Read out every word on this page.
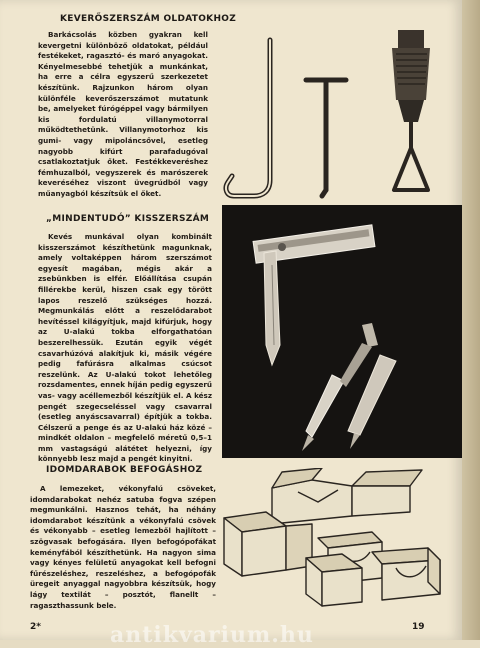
KEVERŐSZERSZÁM OLDATOKHOZ
Barkácsolás közben gyakran kell kevergetni különböző oldatokat, például festékeket, ragasztó- és maró anyagokat. Kényelmesebbé tehetjük a munkánkat, ha erre a célra egyszerű szerkezetet készítünk. Rajzunkon három olyan különféle keverőszerszámot mutatunk be, amelyeket fúrógéppel vagy bármilyen kis fordulatú villanymotorral működtethetünk. Villanymotorhoz kis gumi- vagy mipoláncsővel, esetleg nagyobb kifúrt parafadugóval csatlakoztatjuk őket. Festékkeveréshez fémhuzalból, vegyszerek és marószerek keveréséhez viszont üvegrúdból vagy műanyagból készítsük el őket.
„MINDENTUDÓ” KISSZERSZÁM
Kevés munkával olyan kombinált kisszerszámot készíthetünk magunknak, amely voltaképpen három szerszámot egyesít magában, mégis akár a zsebünkben is elfér. Előállítása csupán fillérekbe kerül, hiszen csak egy törött lapos reszelő szükséges hozzá. Megmunkálás előtt a reszelődarabot hevítéssel kilágyítjuk, majd kifúrjuk, hogy az U-alakú tokba elforgathatóan beszerelhessük. Ezután egyik végét csavarhúzóvá alakítjuk ki, másik végére pedig fafúrásra alkalmas csúcsot reszelünk. Az U-alakú tokot lehetőleg rozsdamentes, ennek híján pedig egyszerű vas- vagy acéllemezből készítjük el. A kész pengét szegecseléssel vagy csavarral (esetleg anyáscsavarral) építjük a tokba. Célszerű a penge és az U-alakú ház közé – mindkét oldalon – megfelelő méretű 0,5–1 mm vastagságú alátétet helyezni, így könnyebb lesz majd a pengét kinyitni.
IDOMDARABOK BEFOGÁSHOZ
A lemezeket, vékonyfalú csöveket, idomdarabokat nehéz satuba fogva szépen megmunkálni. Hasznos tehát, ha néhány idomdarabot készítünk a vékonyfalú csövek és vékonyabb – esetleg lemezből hajlított – szögvasak befogására. Ilyen befogópofákat keményfából készíthetünk. Ha nagyon sima vagy kényes felületű anyagokat kell befogni fűrészeléshez, reszeléshez, a befogópofák üregeit anyaggal nagyobbra készítsük, hogy lágy textilát – posztót, flanellt – ragaszthassunk bele.
2*	19
antikvarium.hu
